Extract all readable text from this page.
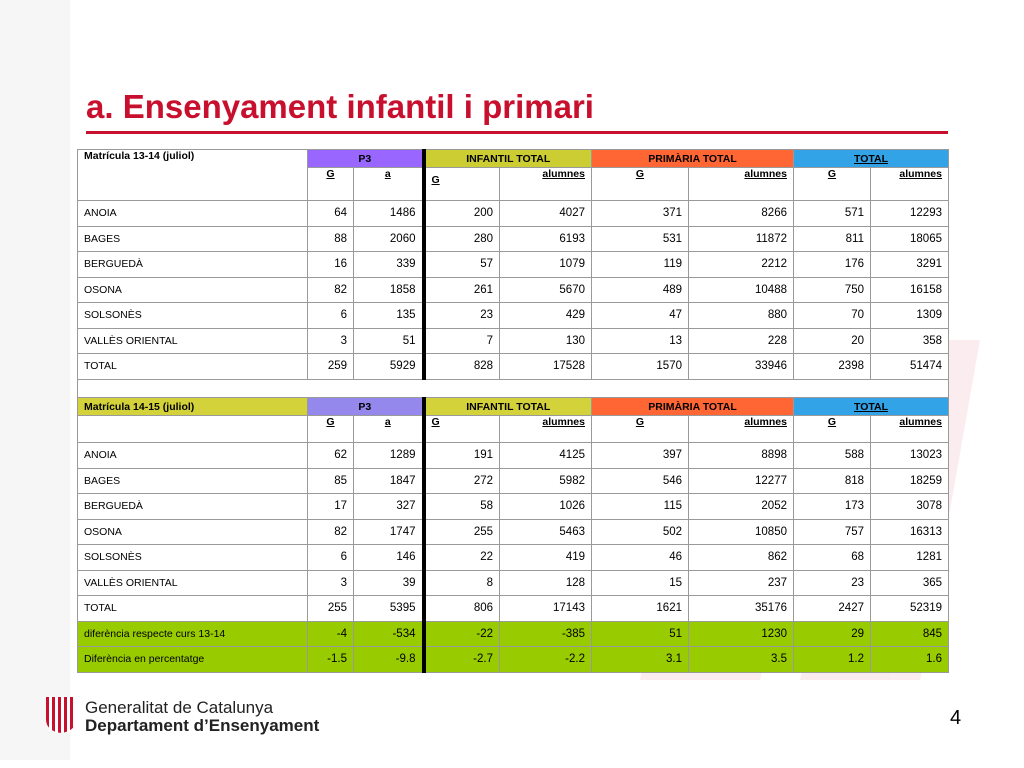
a. Ensenyament infantil i primari
Matrícula 13-14 (juliol)	P3		INFANTIL TOTAL		PRIMÀRIA TOTAL		TOTAL	
	G	a	G	alumnes	G	alumnes	G	alumnes
ANOIA	64	1486	200	4027	371	8266	571	12293
BAGES	88	2060	280	6193	531	11872	811	18065
BERGUEDÀ	16	339	57	1079	119	2212	176	3291
OSONA	82	1858	261	5670	489	10488	750	16158
SOLSONÈS	6	135	23	429	47	880	70	1309
VALLÈS ORIENTAL	3	51	7	130	13	228	20	358
TOTAL	259	5929	828	17528	1570	33946	2398	51474

Matrícula 14-15 (juliol)	P3		INFANTIL TOTAL		PRIMÀRIA TOTAL		TOTAL	
	G	a	G	alumnes	G	alumnes	G	alumnes
ANOIA	62	1289	191	4125	397	8898	588	13023
BAGES	85	1847	272	5982	546	12277	818	18259
BERGUEDÀ	17	327	58	1026	115	2052	173	3078
OSONA	82	1747	255	5463	502	10850	757	16313
SOLSONÈS	6	146	22	419	46	862	68	1281
VALLÈS ORIENTAL	3	39	8	128	15	237	23	365
TOTAL	255	5395	806	17143	1621	35176	2427	52319
diferència respecte curs 13-14	-4	-534	-22	-385	51	1230	29	845
Diferència en percentatge	-1.5	-9.8	-2.7	-2.2	3.1	3.5	1.2	1.6
Generalitat de Catalunya
Departament d’Ensenyament	4
